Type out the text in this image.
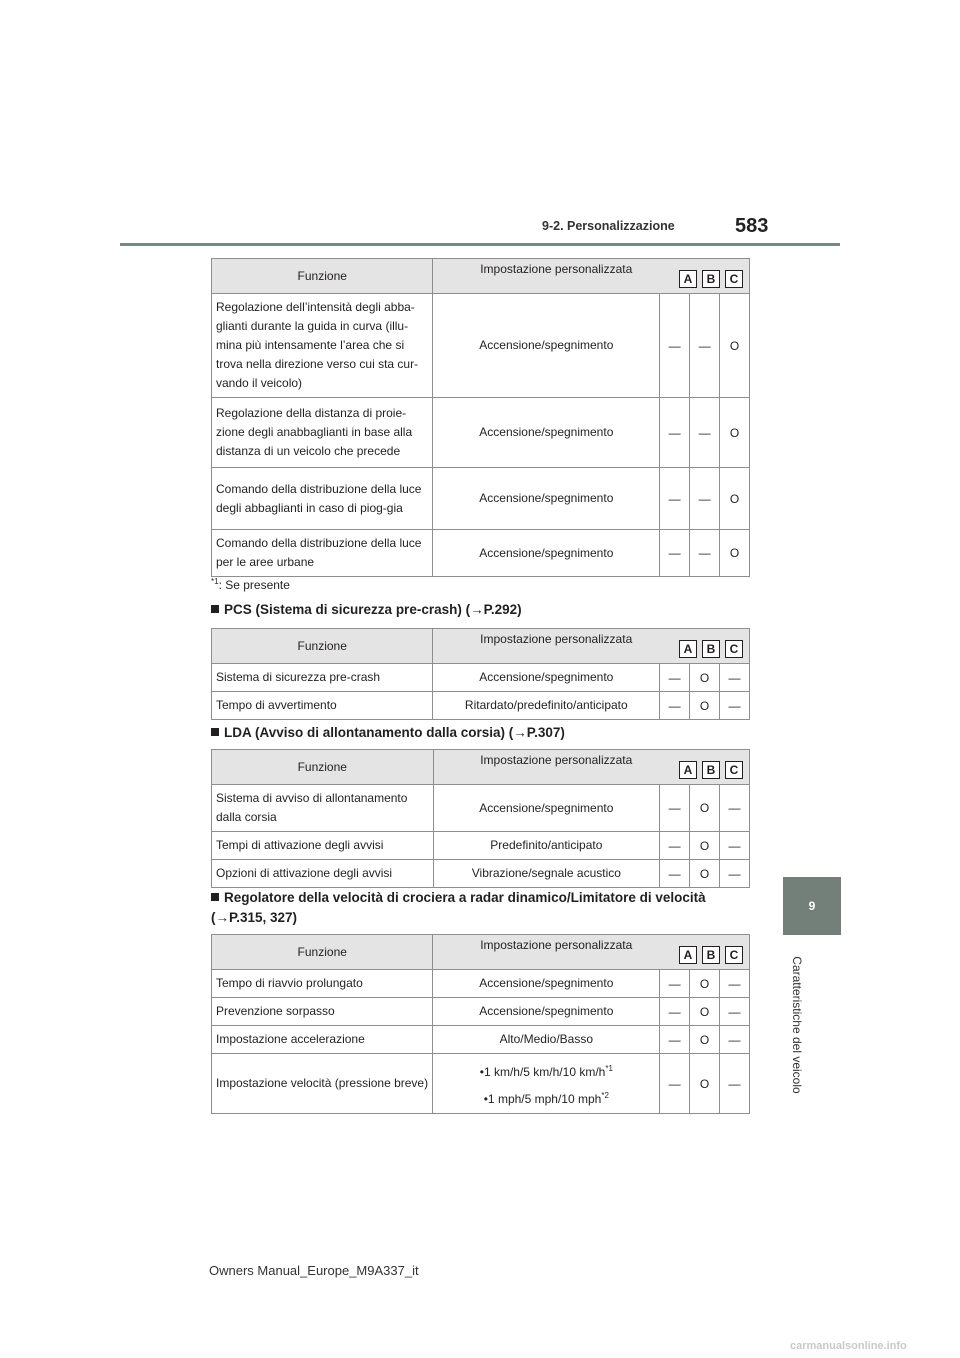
9-2. Personalizzazione	583
9
Caratteristiche del veicolo
Funzione	Impostazione personalizzata
A B C			

Regolazione dell’intensità degli abba-glianti durante la guida in curva (illu-mina più intensamente l’area che si trova nella direzione verso cui sta cur-vando il veicolo)	Accensione/spegnimento	—	—	O
Regolazione della distanza di proie-zione degli anabbaglianti in base alla distanza di un veicolo che precede	Accensione/spegnimento	—	—	O
Comando della distribuzione della luce degli abbaglianti in caso di piog-gia	Accensione/spegnimento	—	—	O
Comando della distribuzione della luce per le aree urbane	Accensione/spegnimento	—	—	O
$^{*1}$: Se presente
PCS (Sistema di sicurezza pre-crash) (→P.292)
Funzione	Impostazione personalizzata
A B C			

Sistema di sicurezza pre-crash	Accensione/spegnimento	—	O	—
Tempo di avvertimento	Ritardato/predefinito/anticipato	—	O	—
LDA (Avviso di allontanamento dalla corsia) (→P.307)
Funzione	Impostazione personalizzata
A B C			

Sistema di avviso di allontanamento dalla corsia	Accensione/spegnimento	—	O	—
Tempi di attivazione degli avvisi	Predefinito/anticipato	—	O	—
Opzioni di attivazione degli avvisi	Vibrazione/segnale acustico	—	O	—
Regolatore della velocità di crociera a radar dinamico/Limitatore di velocità
(→P.315, 327)
Funzione	Impostazione personalizzata
A B C			

Tempo di riavvio prolungato	Accensione/spegnimento	—	O	—
Prevenzione sorpasso	Accensione/spegnimento	—	O	—
Impostazione accelerazione	Alto/Medio/Basso	—	O	—
Impostazione velocità (pressione breve)	•1 km/h/5 km/h/10 $km/h^{*1}$
•1 mph/5 mph/10 mph$^{*2}$	—	O	—
Owners Manual_Europe_M9A337_it
carmanualsonline.info
